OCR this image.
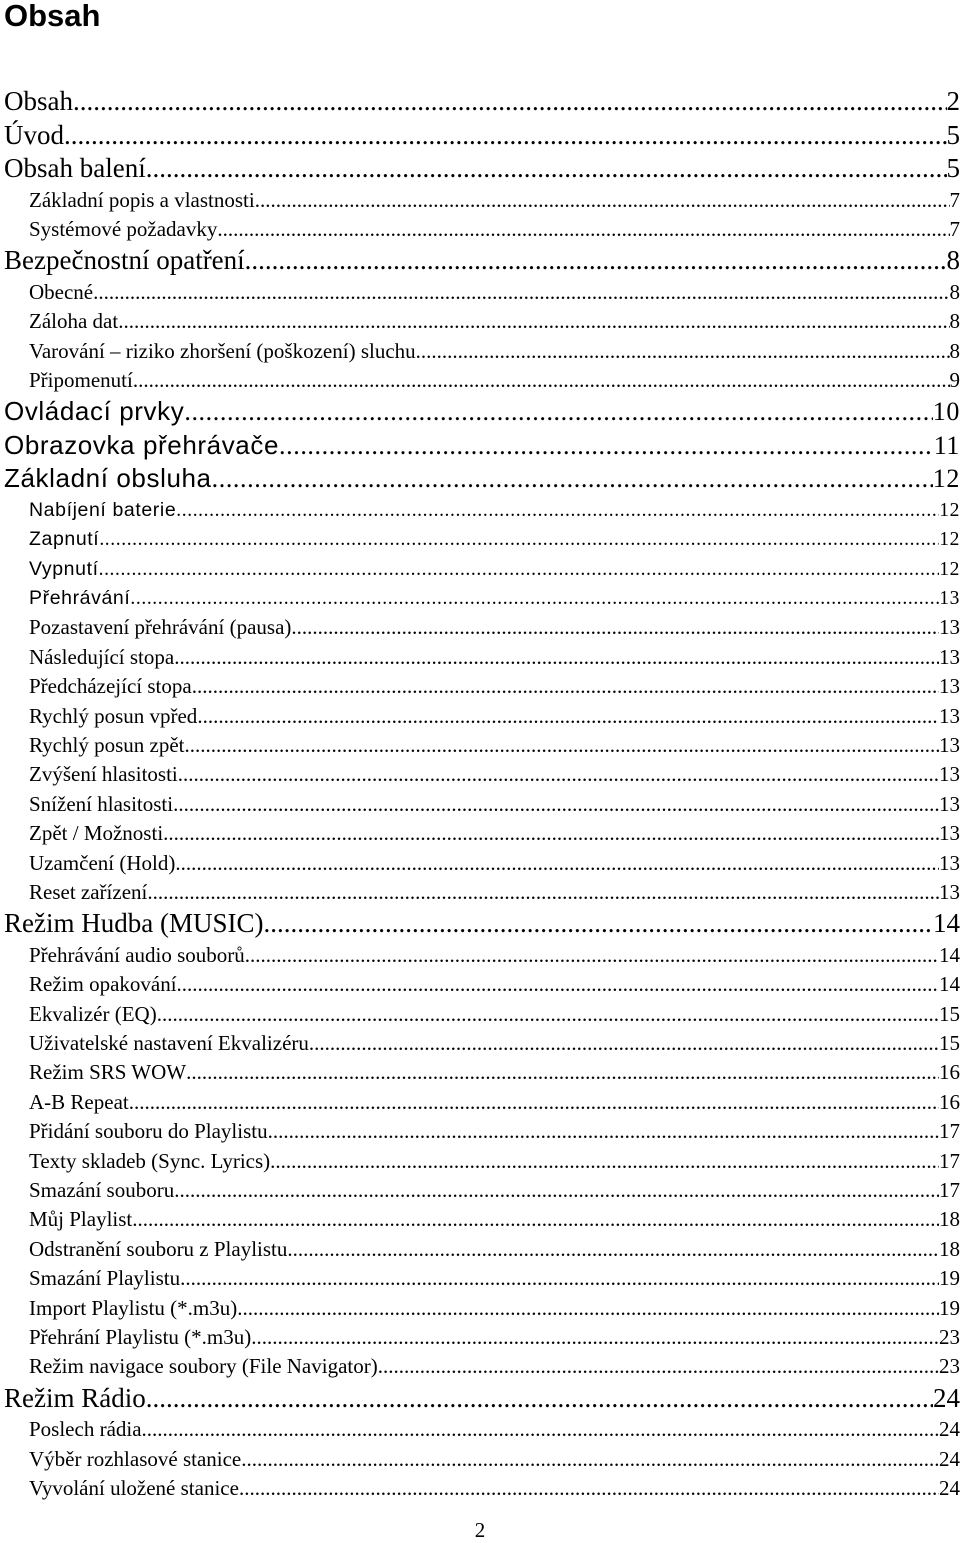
Obsah
Obsah .....	2
Úvod .....	5
Obsah balení .....	5
Základní popis a vlastnosti .....	7
Systémové požadavky .....	7
Bezpečnostní opatření .....	8
Obecné .....	8
Záloha dat .....	8
Varování – riziko zhoršení (poškození) sluchu .....	8
Připomenutí .....	9
Ovládací prvky .....	10
Obrazovka přehrávače .....	11
Základní obsluha .....	12
Nabíjení baterie .....	12
Zapnutí .....	12
Vypnutí .....	12
Přehrávání .....	13
Pozastavení přehrávání (pausa) .....	13
Následující stopa .....	13
Předcházející stopa .....	13
Rychlý posun vpřed .....	13
Rychlý posun zpět .....	13
Zvýšení hlasitosti .....	13
Snížení hlasitosti .....	13
Zpět / Možnosti .....	13
Uzamčení (Hold) .....	13
Reset zařízení .....	13
Režim Hudba (MUSIC) .....	14
Přehrávání audio souborů .....	14
Režim opakování .....	14
Ekvalizér (EQ) .....	15
Uživatelské nastavení Ekvalizéru .....	15
Režim SRS WOW .....	16
A-B Repeat .....	16
Přidání souboru do Playlistu .....	17
Texty skladeb (Sync. Lyrics) .....	17
Smazání souboru .....	17
Můj Playlist .....	18
Odstranění souboru z Playlistu .....	18
Smazání Playlistu .....	19
Import Playlistu (*.m3u) .....	19
Přehrání Playlistu (*.m3u) .....	23
Režim navigace soubory (File Navigator) .....	23
Režim Rádio .....	24
Poslech rádia .....	24
Výběr rozhlasové stanice .....	24
Vyvolání uložené stanice .....	24
2
